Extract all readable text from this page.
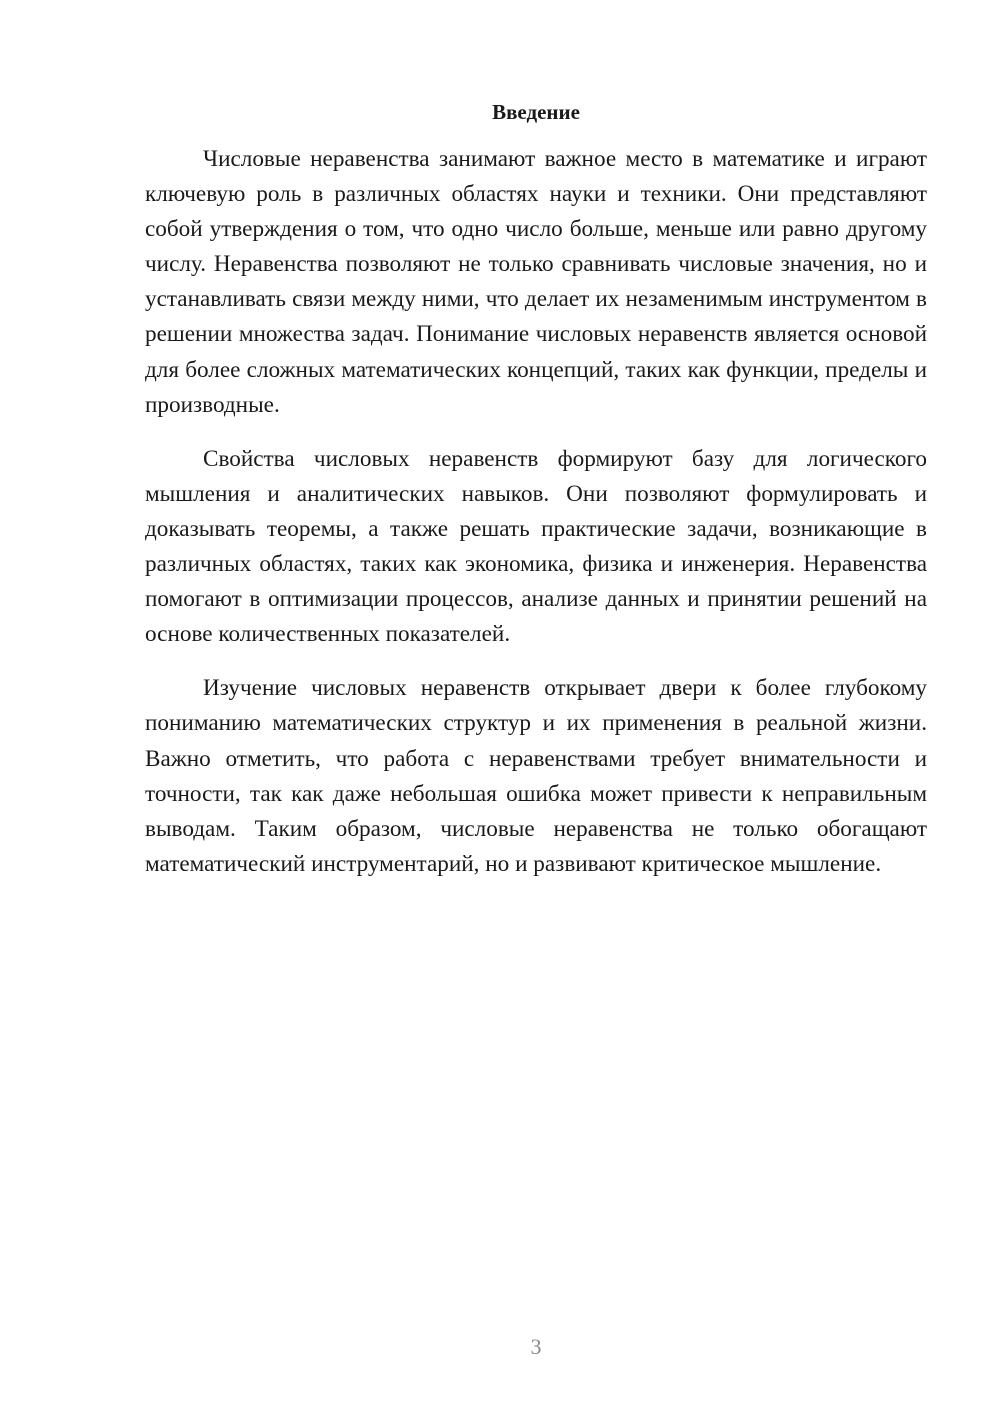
Введение

Числовые неравенства занимают важное место в математике и играют ключевую роль в различных областях науки и техники. Они представляют собой утверждения о том, что одно число больше, меньше или равно другому числу. Неравенства позволяют не только сравнивать числовые значения, но и устанавливать связи между ними, что делает их незаменимым инструментом в решении множества задач. Понимание числовых неравенств является основой для более сложных математических концепций, таких как функции, пределы и производные.

Свойства числовых неравенств формируют базу для логического мышления и аналитических навыков. Они позволяют формулировать и доказывать теоремы, а также решать практические задачи, возникающие в различных областях, таких как экономика, физика и инженерия. Неравенства помогают в оптимизации процессов, анализе данных и принятии решений на основе количественных показателей.

Изучение числовых неравенств открывает двери к более глубокому пониманию математических структур и их применения в реальной жизни. Важно отметить, что работа с неравенствами требует внимательности и точности, так как даже небольшая ошибка может привести к неправильным выводам. Таким образом, числовые неравенства не только обогащают математический инструментарий, но и развивают критическое мышление.

3
